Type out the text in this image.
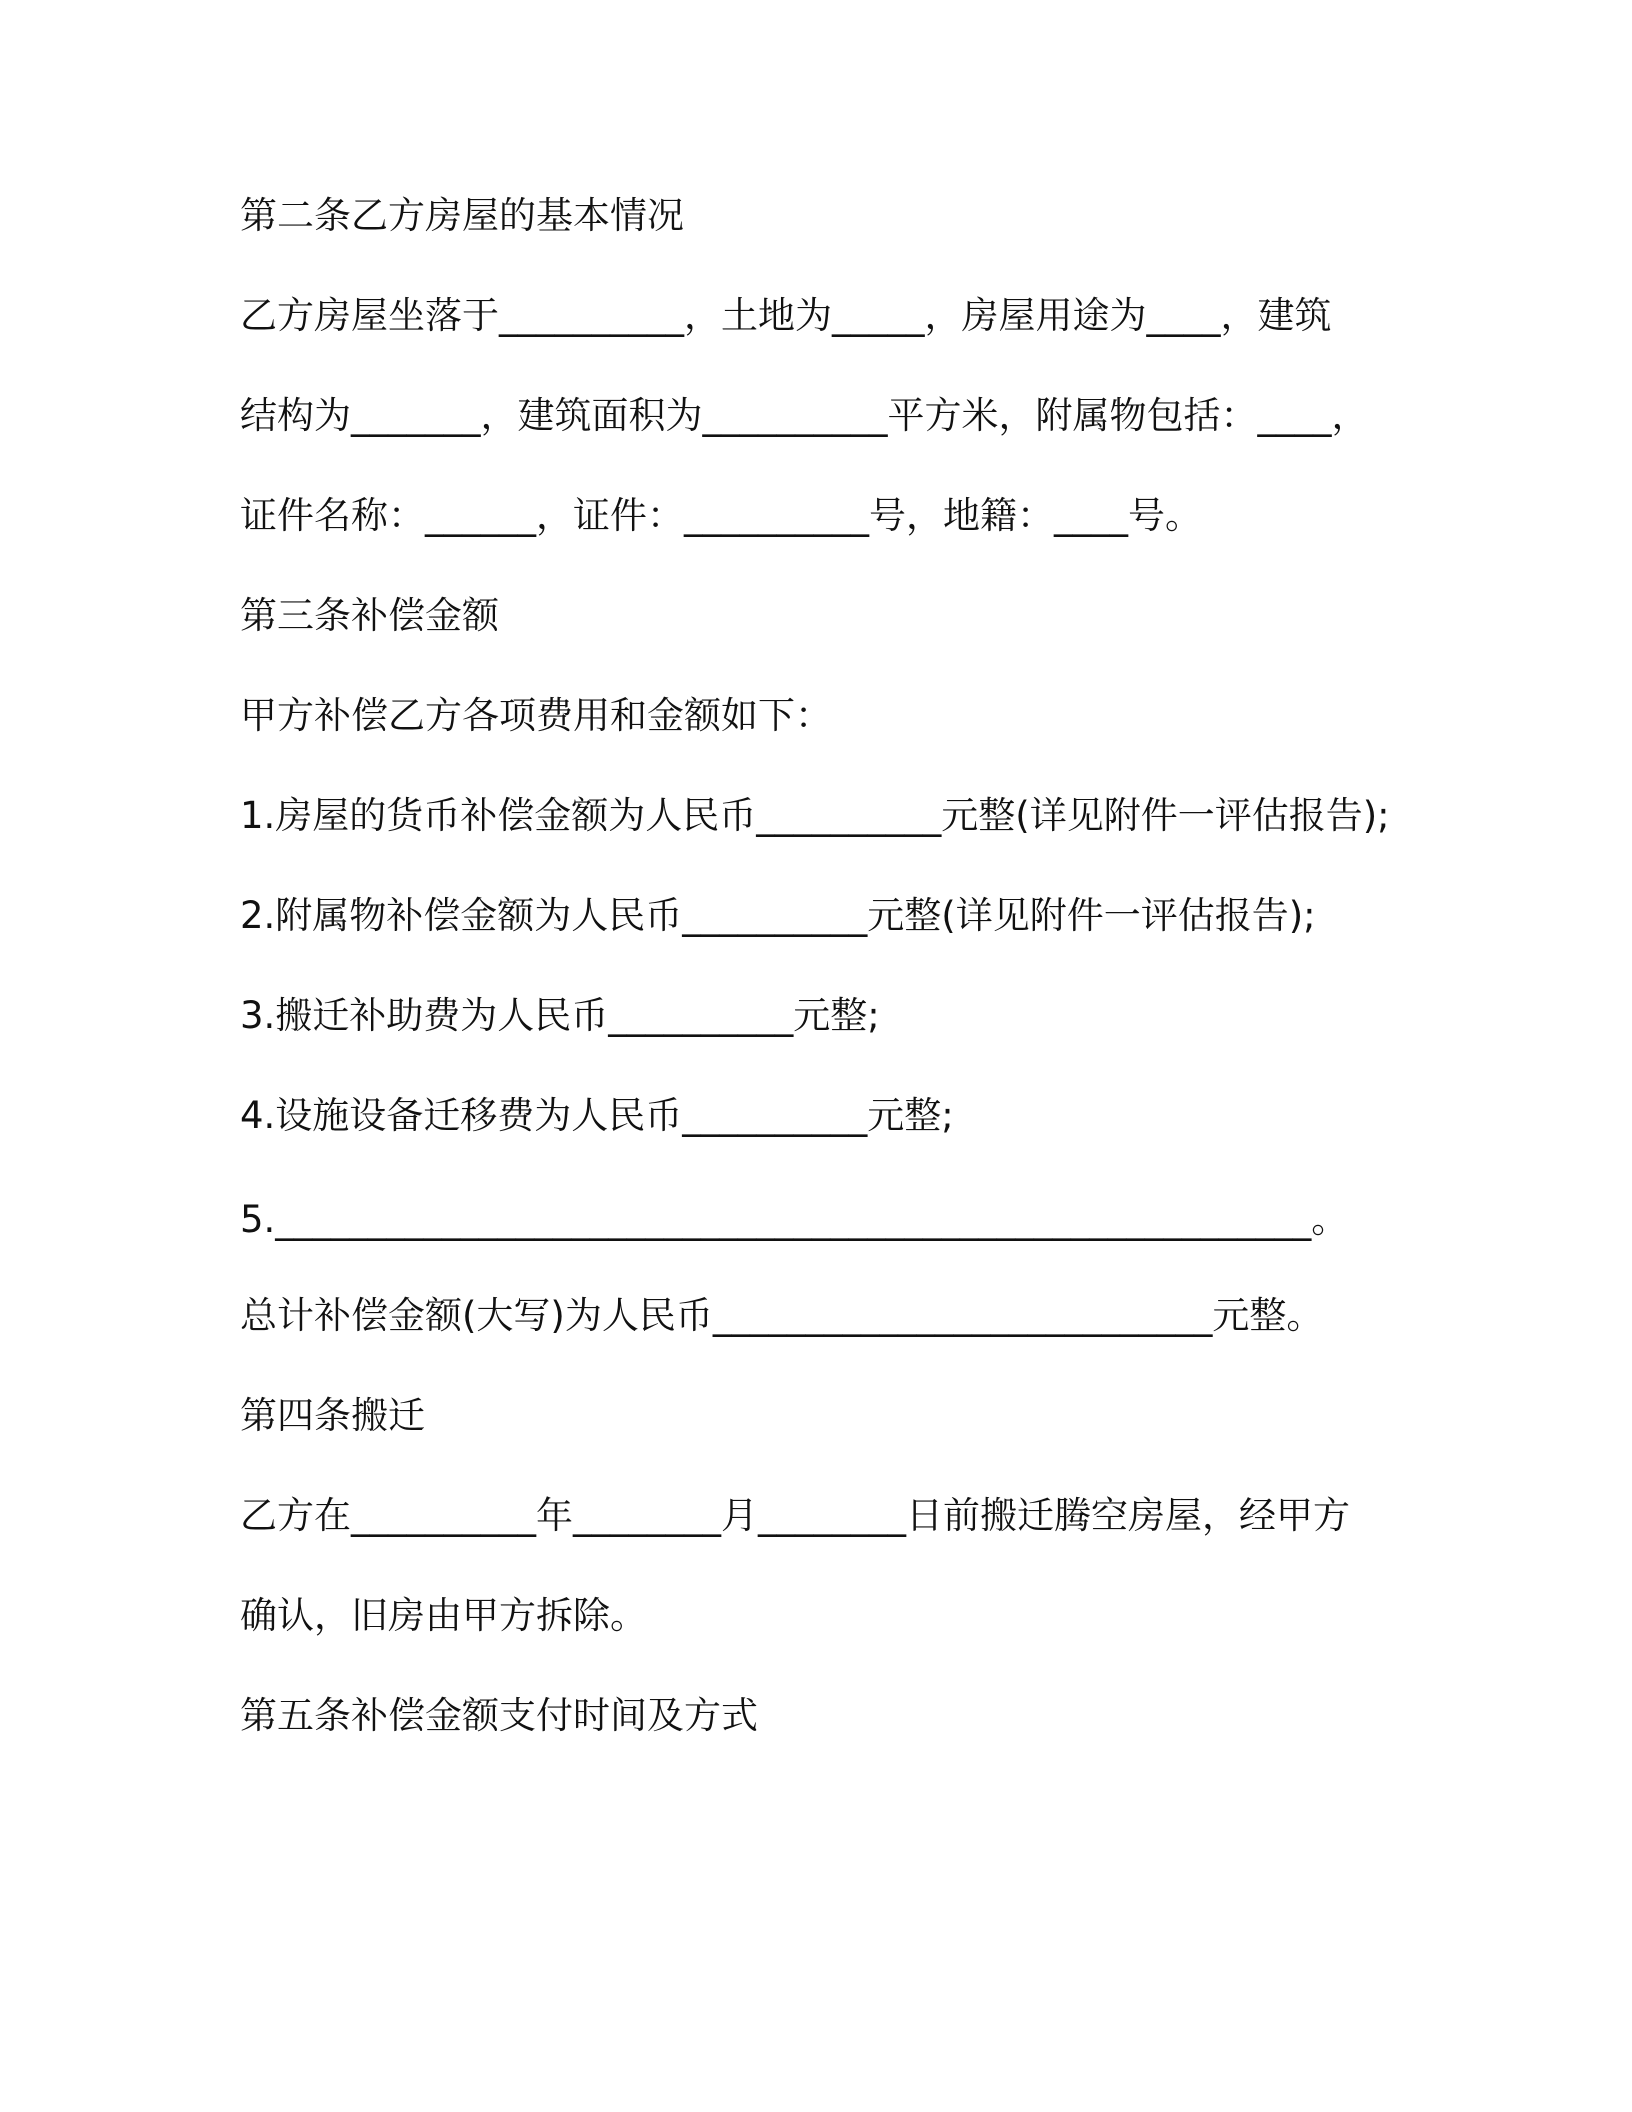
第二条乙方房屋的基本情况
乙方房屋坐落于__________，土地为_____，房屋用途为____，建筑
结构为_______，建筑面积为__________平方米，附属物包括：____，
证件名称：______，证件：__________号，地籍：____号。
第三条补偿金额
甲方补偿乙方各项费用和金额如下：
1.房屋的货币补偿金额为人民币__________元整(详见附件一评估报告);
2.附属物补偿金额为人民币__________元整(详见附件一评估报告);
3.搬迁补助费为人民币__________元整;
4.设施设备迁移费为人民币__________元整;
5.________________________________________________________。
总计补偿金额(大写)为人民币___________________________元整。
第四条搬迁
乙方在__________年________月________日前搬迁腾空房屋，经甲方
确认，旧房由甲方拆除。
第五条补偿金额支付时间及方式
